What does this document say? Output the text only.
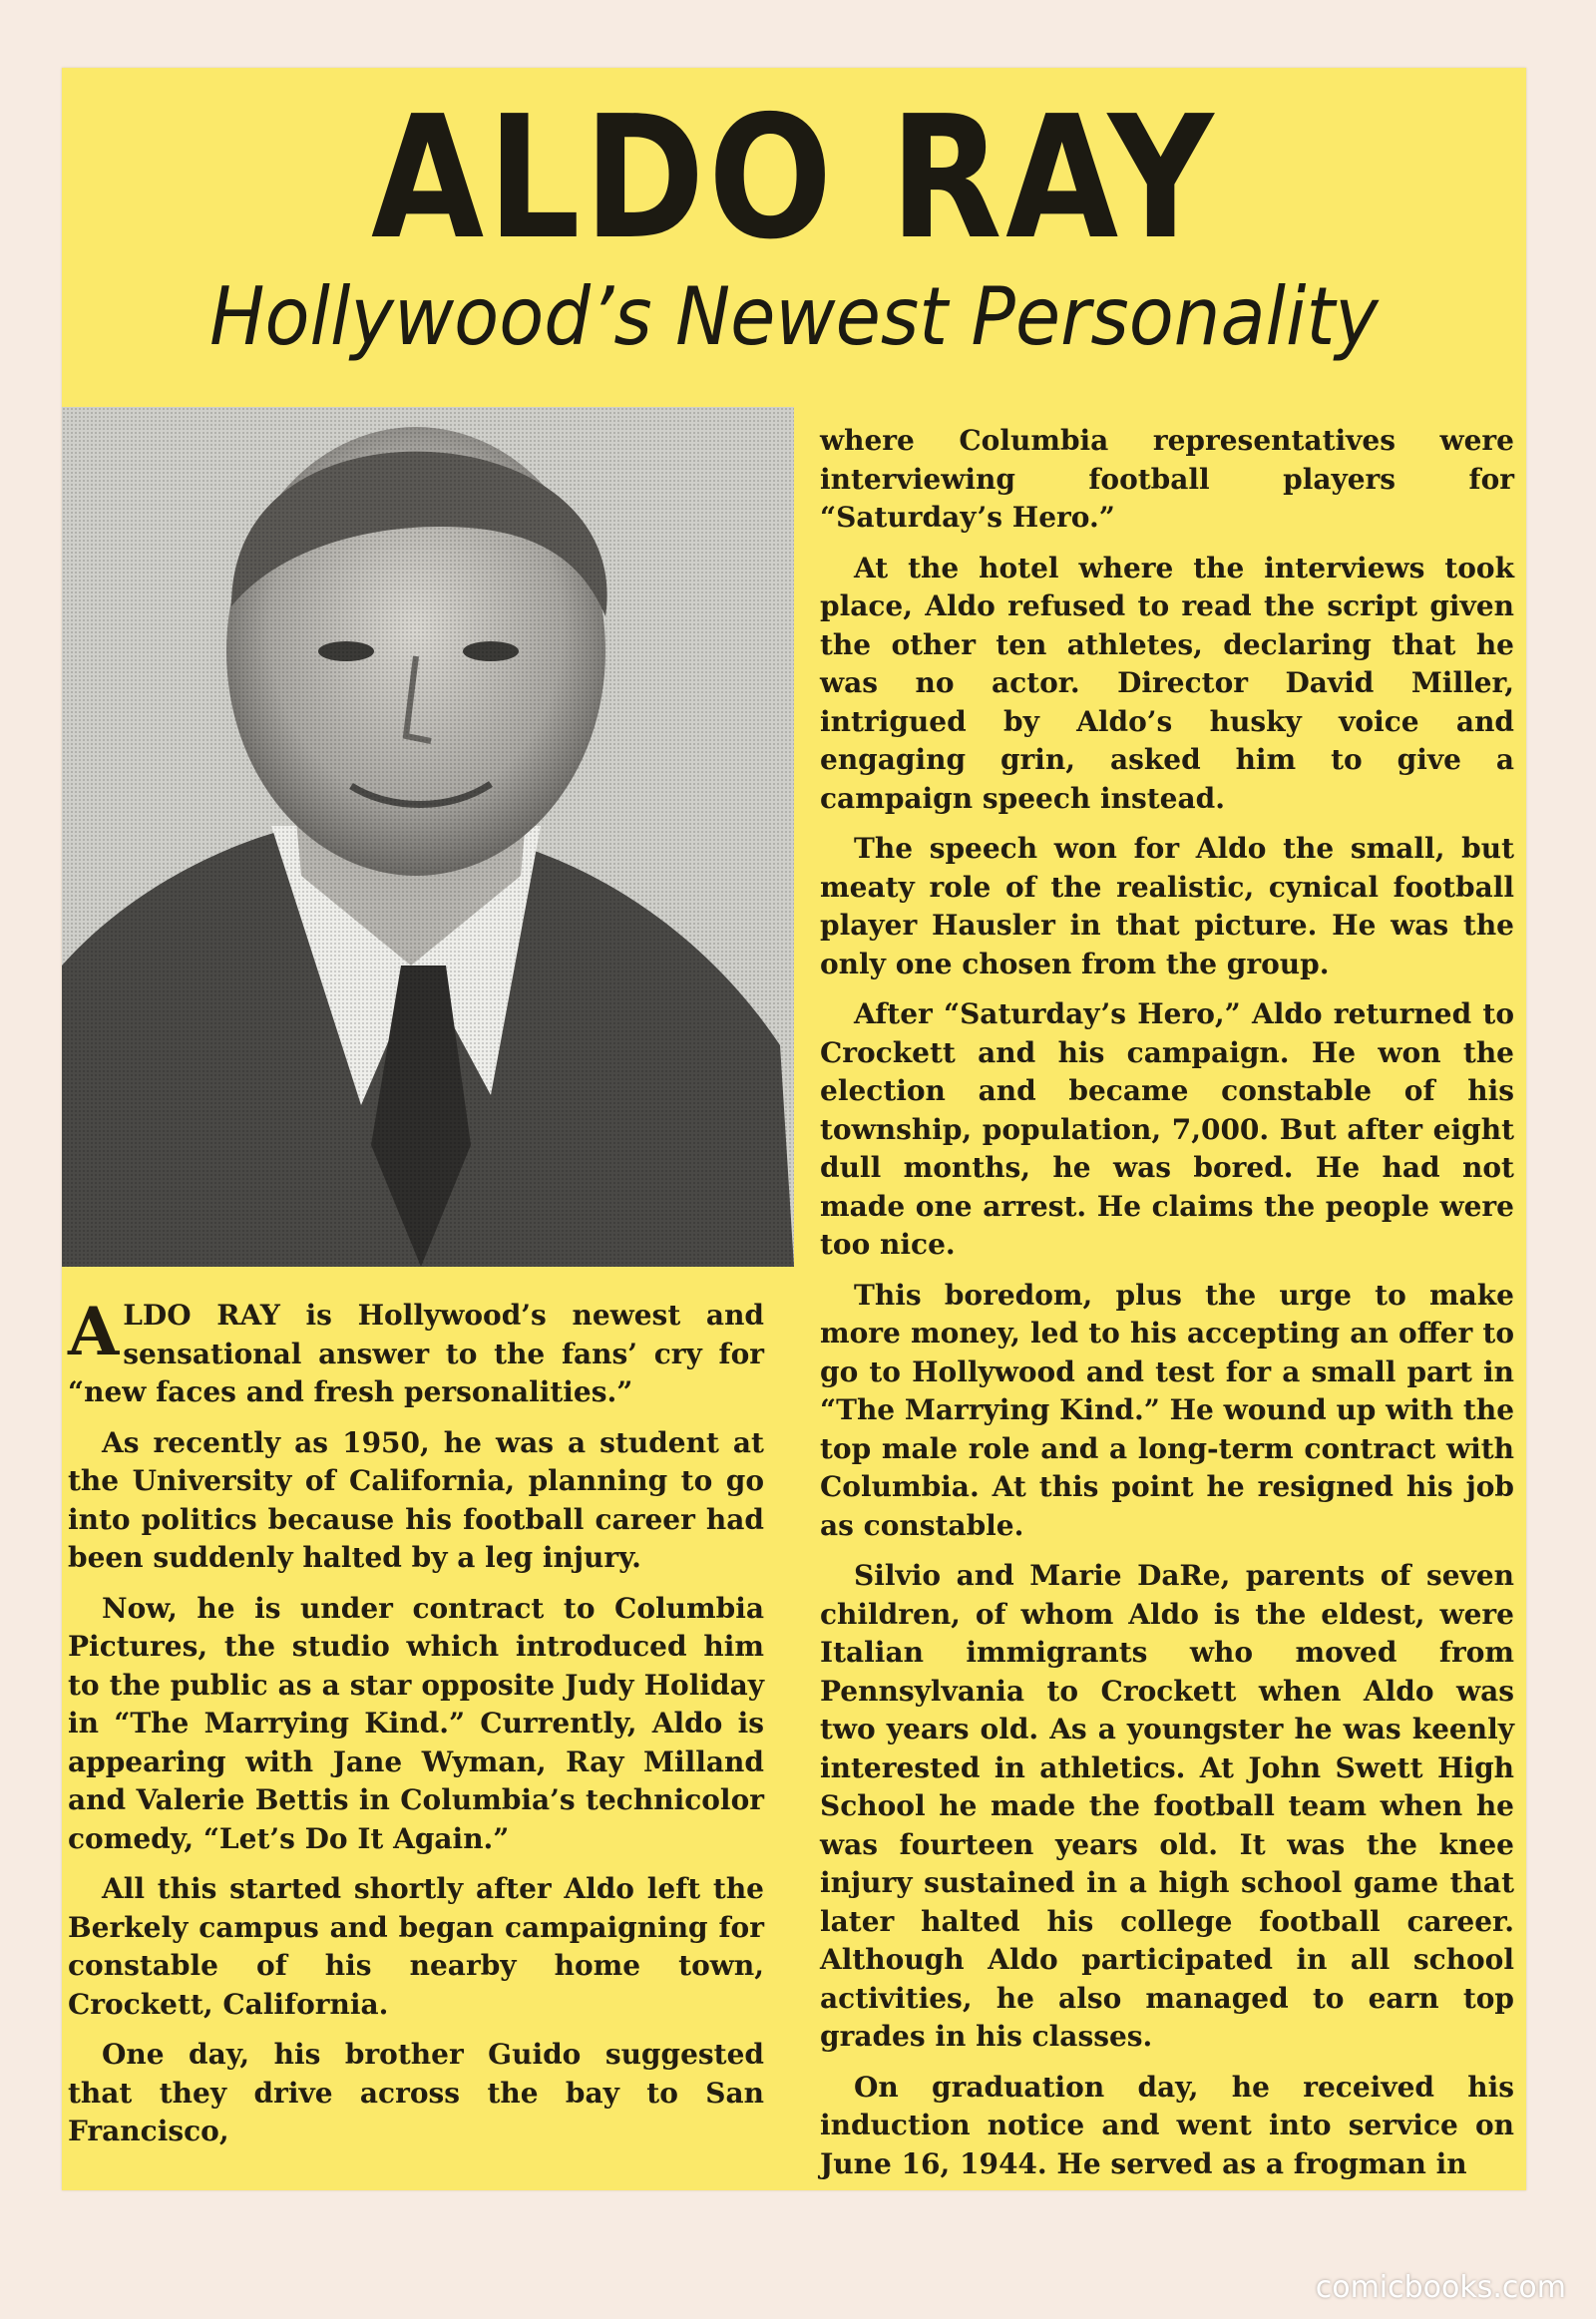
ALDO RAY
Hollywood’s Newest Personality

ALDO RAY is Hollywood’s newest and sensational answer to the fans’ cry for “new faces and fresh personalities.”

As recently as 1950, he was a student at the University of California, planning to go into politics because his football career had been suddenly halted by a leg injury.

Now, he is under contract to Columbia Pictures, the studio which introduced him to the public as a star opposite Judy Holiday in “The Marrying Kind.” Currently, Aldo is appearing with Jane Wyman, Ray Milland and Valerie Bettis in Columbia’s technicolor comedy, “Let’s Do It Again.”

All this started shortly after Aldo left the Berkely campus and began campaigning for constable of his nearby home town, Crockett, California.

One day, his brother Guido suggested that they drive across the bay to San Francisco,

where Columbia representatives were interviewing football players for “Saturday’s Hero.”

At the hotel where the interviews took place, Aldo refused to read the script given the other ten athletes, declaring that he was no actor. Director David Miller, intrigued by Aldo’s husky voice and engaging grin, asked him to give a campaign speech instead.

The speech won for Aldo the small, but meaty role of the realistic, cynical football player Hausler in that picture. He was the only one chosen from the group.

After “Saturday’s Hero,” Aldo returned to Crockett and his campaign. He won the election and became constable of his township, population, 7,000. But after eight dull months, he was bored. He had not made one arrest. He claims the people were too nice.

This boredom, plus the urge to make more money, led to his accepting an offer to go to Hollywood and test for a small part in “The Marrying Kind.” He wound up with the top male role and a long-term contract with Columbia. At this point he resigned his job as constable.

Silvio and Marie DaRe, parents of seven children, of whom Aldo is the eldest, were Italian immigrants who moved from Pennsylvania to Crockett when Aldo was two years old. As a youngster he was keenly interested in athletics. At John Swett High School he made the football team when he was fourteen years old. It was the knee injury sustained in a high school game that later halted his college football career. Although Aldo participated in all school activities, he also managed to earn top grades in his classes.

On graduation day, he received his induction notice and went into service on June 16, 1944. He served as a frogman in

comicbooks.com
